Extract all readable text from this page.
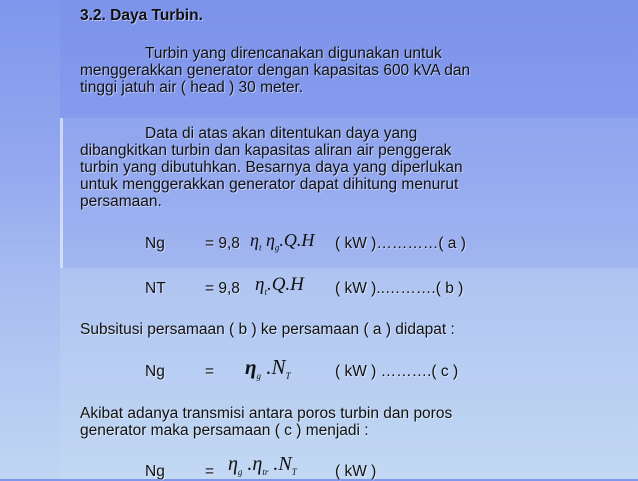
3.2. Daya Turbin.
Turbin yang direncanakan digunakan untuk
menggerakkan generator dengan kapasitas 600 kVA dan
tinggi jatuh air ( head ) 30 meter.
Data di atas akan ditentukan daya yang
dibangkitkan turbin dan kapasitas aliran air penggerak
turbin yang dibutuhkan. Besarnya daya yang diperlukan
untuk menggerakkan generator dapat dihitung menurut
persamaan.
Ng	= 9,8 $\eta_t$ $\eta_g.Q.H$ ( kW )…………( a )
NT	= 9,8 $\eta_t.Q.H$ ( kW )..……….( b )
Subsitusi persamaan ( b ) ke persamaan ( a ) didapat :
Ng	= $\eta_g$ $.N_T$	( kW ) ……….( c )
Akibat adanya transmisi antara poros turbin dan poros
generator maka persamaan ( c ) menjadi :
Ng	= $\eta_g$ $.\eta_{tr}$ $.N_T$ ( kW )
